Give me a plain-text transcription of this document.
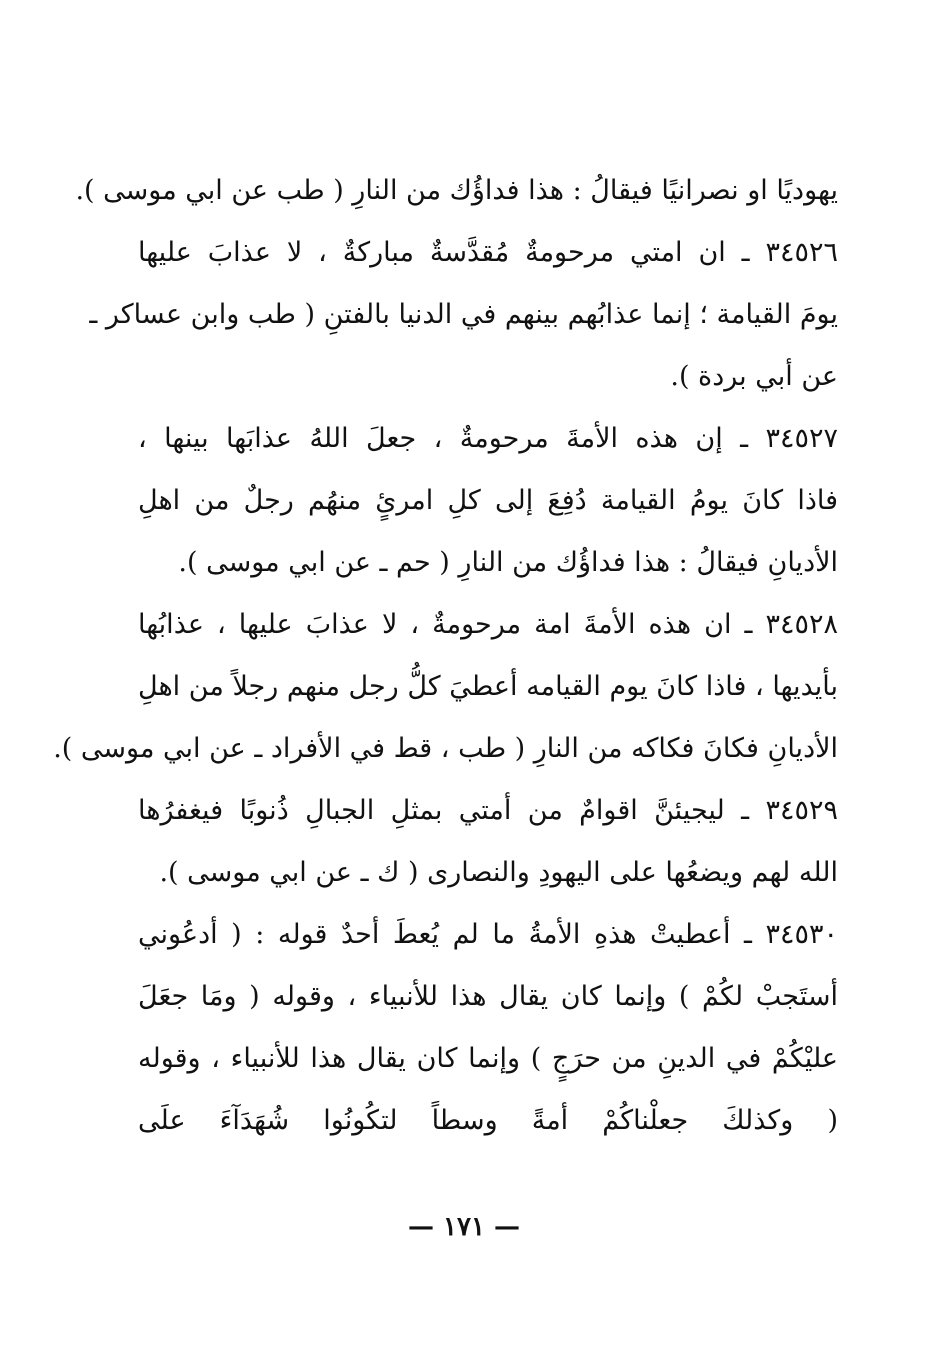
يهوديًا او نصرانيًا فيقالُ : هذا فداؤُك من النارِ ( طب عن ابي موسى ).
٣٤٥٢٦ ـ ان امتي مرحومةٌ مُقدَّسةٌ مباركةٌ ، لا عذابَ عليها
يومَ القيامة ؛ إنما عذابُهم بينهم في الدنيا بالفتنِ ( طب وابن عساكر ـ
عن أبي بردة ).
٣٤٥٢٧ ـ إن هذه الأمةَ مرحومةٌ ، جعلَ اللهُ عذابَها بينها ،
فاذا كانَ يومُ القيامة دُفِعَ إلى كلِ امرئٍ منهُم رجلٌ من اهلِ
الأديانِ فيقالُ : هذا فداؤُك من النارِ ( حم ـ عن ابي موسى ).
٣٤٥٢٨ ـ ان هذه الأمةَ امة مرحومةٌ ، لا عذابَ عليها ، عذابُها
بأيديها ، فاذا كانَ يوم القيامه أعطيَ كلُّ رجل منهم رجلاً من اهلِ
الأديانِ فكانَ فكاكه من النارِ ( طب ، قط في الأفراد ـ عن ابي موسى ).
٣٤٥٢٩ ـ ليجيئنَّ اقوامٌ من أمتي بمثلِ الجبالِ ذُنوبًا فيغفرُها
الله لهم ويضعُها على اليهودِ والنصارى ( ك ـ عن ابي موسى ).
٣٤٥٣٠ ـ أعطيتْ هذهِ الأمةُ ما لم يُعطَ أحدٌ قوله : ( أدعُوني
أستَجبْ لكُمْ ) وإنما كان يقال هذا للأنبياء ، وقوله ( ومَا جعَلَ
عليْكُمْ في الدينِ من حرَجٍ ) وإنما كان يقال هذا للأنبياء ، وقوله
( وكذلكَ جعلْناكُمْ أمةً وسطاً لتكُونُوا شُهَدَآءَ علَى
— ١٧١ —
